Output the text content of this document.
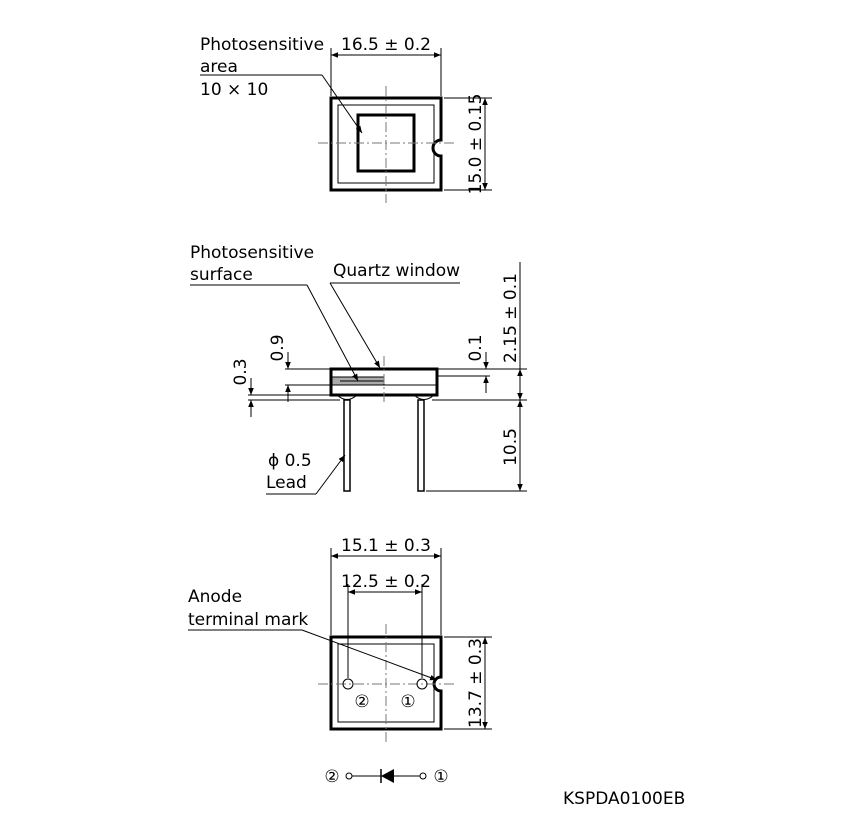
16.5 ± 0.2
15.0 ± 0.15
Photosensitive
area
10 × 10
Photosensitive
surface	Quartz window
0.9
0.3
0.1 2.15 ± 0.1
10.5
ϕ 0.5
Lead
② ①
15.1 ± 0.3
12.5 ± 0.2
13.7 ± 0.3
Anode
terminal mark
②	①
KSPDA0100EB
